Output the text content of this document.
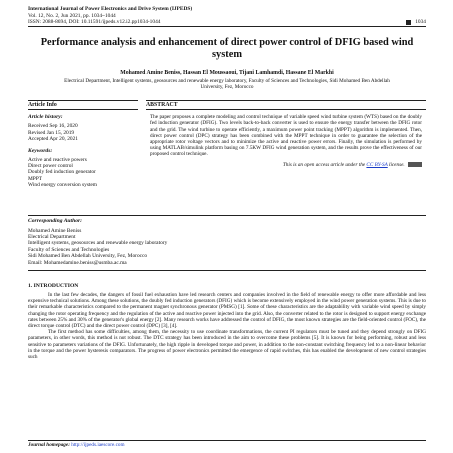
International Journal of Power Electronics and Drive System (IJPEDS)
Vol. 12, No. 2, Jun 2021, pp. 1034~1044
ISSN: 2088-8694, DOI: 10.11591/ijpeds.v12.i2.pp1034-1044	1034
Performance analysis and enhancement of direct power control of DFIG based wind system
Mohamed Amine Beniss, Hassan El Moussaoui, Tijani Lamhamdi, Hassane El Markhi
Electrical Department, Intelligent systems, geosources and renewable energy laboratory, Faculty of Sciences and Technologies, Sidi Mohamed Ben Abdellah University, Fez, Morocco
Article Info
Article history:
Received Sep 16, 2020
Revised Jan 15, 2019
Accepted Apr 20, 2021
Keywords:
Active and reactive powers
Direct power control
Doubly fed induction generator
MPPT
Wind energy conversion system
ABSTRACT
The paper proposes a complete modeling and control technique of variable speed wind turbine system (WTS) based on the doubly fed induction generator (DFIG). Two levels back-to-back converter is used to ensure the energy transfer between the DFIG rotor and the grid. The wind turbine to operate efficiently, a maximum power point tracking (MPPT) algorithm is implemented. Then, direct power control (DPC) strategy has been combined with the MPPT technique in order to guarantee the selection of the appropriate rotor voltage vectors and to minimize the active and reactive power errors. Finally, the simulation is performed by using MATLAB/simulink platform basing on 7.5KW DFIG wind generation system, and the results prove the effectiveness of our proposed control technique.
This is an open access article under the CC BY-SA license.
Corresponding Author:
Mohamed Amine Beniss
Electrical Department
Intelligent systems, geosources and renewable energy laboratory
Faculty of Sciences and Technologies
Sidi Mohamed Ben Abdellah University, Fez, Morocco
Email: Mohamedamine.beniss@usmba.ac.ma
1. INTRODUCTION

In the last few decades, the dangers of fossil fuel exhaustion have led research centers and companies involved in the field of renewable energy to offer more affordable and less expensive technical solutions. Among these solutions, the doubly fed induction generators (DFIG) which is become extensively employed in the wind power generation systems. This is due to their remarkable characteristics compared to the permanent magnet synchronous generator (PMSG) [1]. Some of these characteristics are the adaptability with variable wind speed by simply changing the rotor operating frequency and the regulation of the active and reactive power injected into the grid. Also, the converter related to the rotor is designed to support energy exchange rates between 25% and 30% of the generator's global energy [2]. Many research works have addressed the control of DFIG, the most known strategies are the field-oriented control (FOC), the direct torque control (DTC) and the direct power control (DPC) [3], [4].

The first method has some difficulties, among them, the necessity to use coordinate transformations, the current PI regulators must be tuned and they depend strongly on DFIG parameters, in other words, this method is not robust. The DTC strategy has been introduced in the aim to overcome these problems [5]. It is known for being performing, robust and less sensitive to parameters variations of the DFIG. Unfortunately, the high ripple in developed torque and power, in addition to the non-constant switching frequency led to a non-linear behavior in the torque and the power hysteresis comparators. The progress of power electronics permitted the emergence of rapid switches, this has enabled the development of new control strategies such

Journal homepage: http://ijpeds.iaescore.com
